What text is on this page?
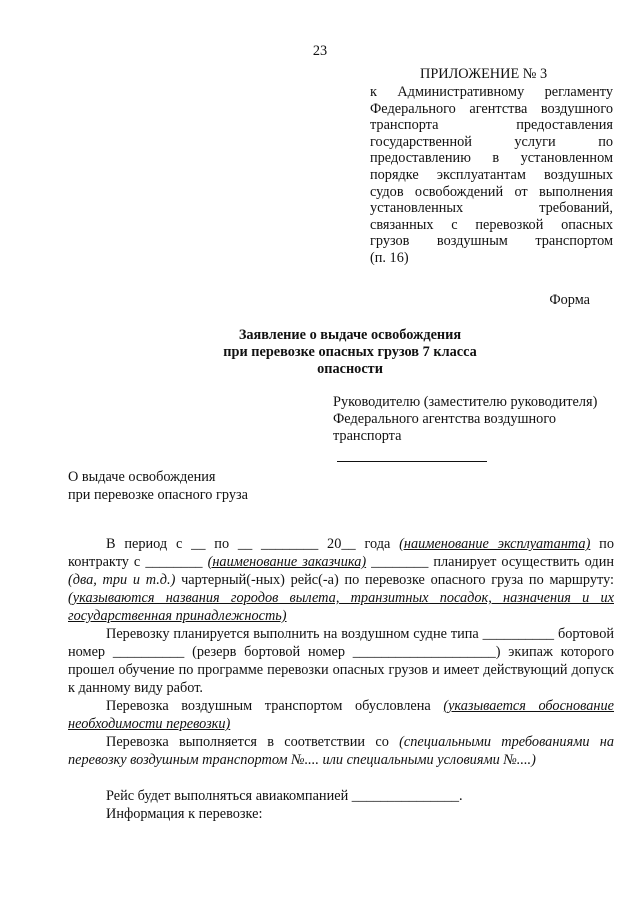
23
ПРИЛОЖЕНИЕ № 3
к Административному регламенту
Федерального агентства воздушного
транспорта предоставления
государственной услуги по
предоставлению в установленном
порядке эксплуатантам воздушных
судов освобождений от выполнения
установленных требований,
связанных с перевозкой опасных
грузов воздушным транспортом
(п. 16)
Форма
Заявление о выдаче освобождения
при перевозке опасных грузов 7 класса
опасности
Руководителю (заместителю руководителя)
Федерального агентства воздушного
транспорта
О выдаче освобождения
при перевозке опасного груза

В период с __ по __ ________ 20__ года (наименование эксплуатанта) по контракту с ________ (наименование заказчика) ________ планирует осуществить один (два, три и т.д.) чартерный(-ных) рейс(-а) по перевозке опасного груза по маршруту: (указываются названия городов вылета, транзитных посадок, назначения и их государственная принадлежность)

Перевозку планируется выполнить на воздушном судне типа __________ бортовой номер __________ (резерв бортовой номер ____________________) экипаж которого прошел обучение по программе перевозки опасных грузов и имеет действующий допуск к данному виду работ.

Перевозка воздушным транспортом обусловлена (указывается обоснование необходимости перевозки)

Перевозка выполняется в соответствии со (специальными требованиями на перевозку воздушным транспортом №.... или специальными условиями №....)

Рейс будет выполняться авиакомпанией _______________.

Информация к перевозке:
